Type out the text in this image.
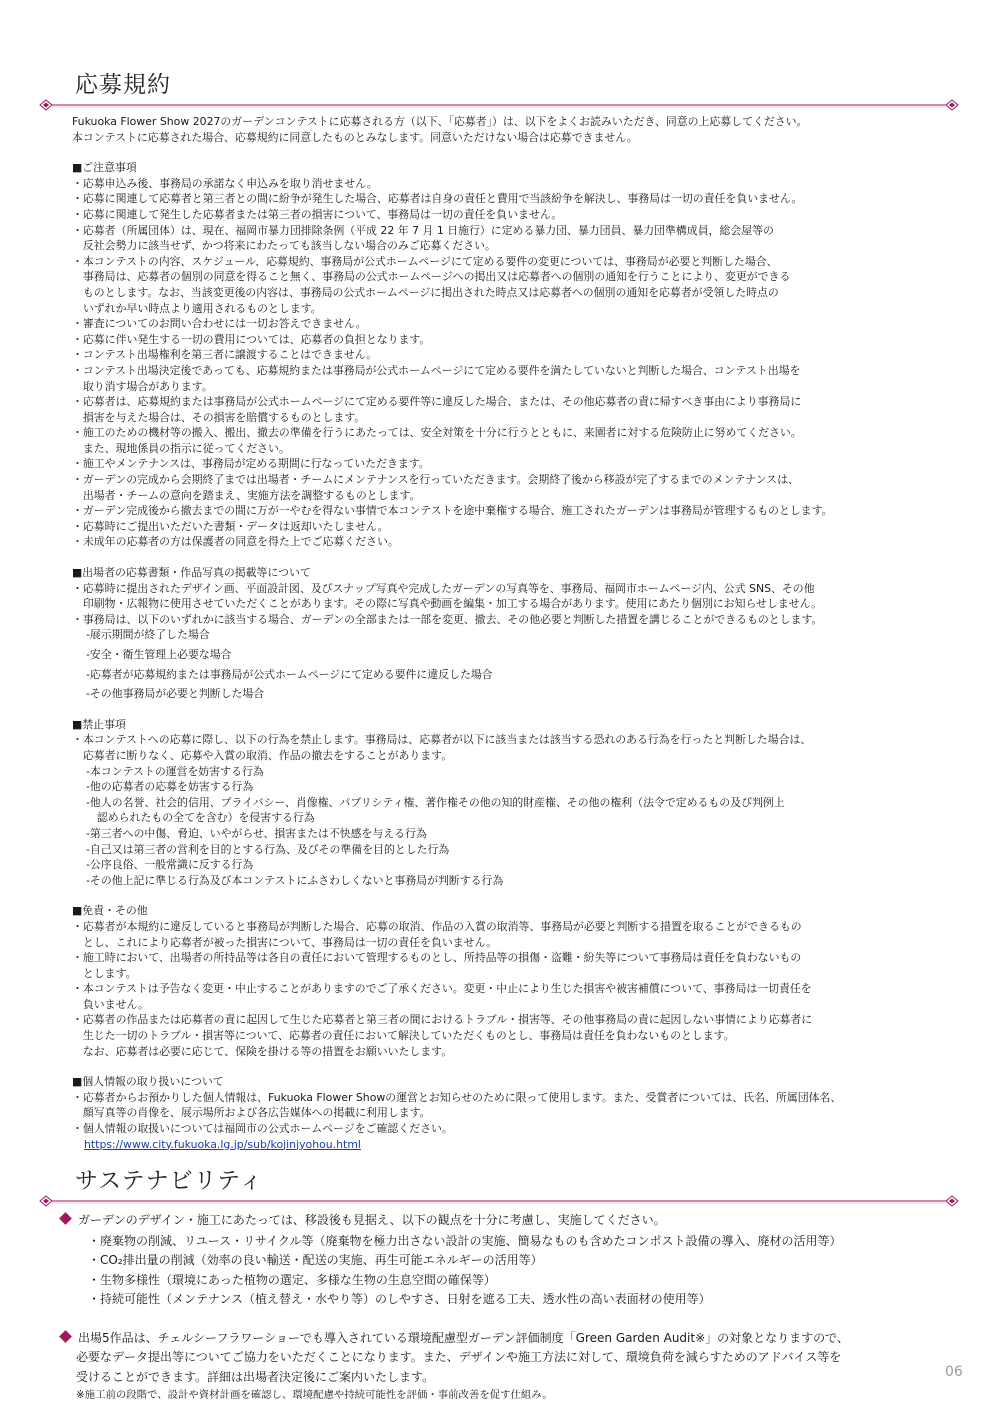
応募規約
Fukuoka Flower Show 2027のガーデンコンテストに応募される方（以下、「応募者」）は、以下をよくお読みいただき、同意の上応募してください。
本コンテストに応募された場合、応募規約に同意したものとみなします。同意いただけない場合は応募できません。
■ご注意事項
・応募申込み後、事務局の承諾なく申込みを取り消せません。
・応募に関連して応募者と第三者との間に紛争が発生した場合、応募者は自身の責任と費用で当該紛争を解決し、事務局は一切の責任を負いません。
・応募に関連して発生した応募者または第三者の損害について、事務局は一切の責任を負いません。
・応募者（所属団体）は、現在、福岡市暴力団排除条例（平成 22 年 7 月 1 日施行）に定める暴力団、暴力団員、暴力団準構成員，総会屋等の
　反社会勢力に該当せず、かつ将来にわたっても該当しない場合のみご応募ください。
・本コンテストの内容、スケジュール、応募規約、事務局が公式ホームページにて定める要件の変更については、事務局が必要と判断した場合、
　事務局は、応募者の個別の同意を得ること無く、事務局の公式ホームページへの掲出又は応募者への個別の通知を行うことにより、変更ができる
　ものとします。なお、当該変更後の内容は、事務局の公式ホームページに掲出された時点又は応募者への個別の通知を応募者が受領した時点の
　いずれか早い時点より適用されるものとします。
・審査についてのお問い合わせには一切お答えできません。
・応募に伴い発生する一切の費用については、応募者の負担となります。
・コンテスト出場権利を第三者に譲渡することはできません。
・コンテスト出場決定後であっても、応募規約または事務局が公式ホームページにて定める要件を満たしていないと判断した場合、コンテスト出場を
　取り消す場合があります。
・応募者は、応募規約または事務局が公式ホームページにて定める要件等に違反した場合、または、その他応募者の責に帰すべき事由により事務局に
　損害を与えた場合は、その損害を賠償するものとします。
・施工のための機材等の搬入、搬出、撤去の準備を行うにあたっては、安全対策を十分に行うとともに、来園者に対する危険防止に努めてください。
　また、現地係員の指示に従ってください。
・施工やメンテナンスは、事務局が定める期間に行なっていただきます。
・ガーデンの完成から会期終了までは出場者・チームにメンテナンスを行っていただきます。会期終了後から移設が完了するまでのメンテナンスは、
　出場者・チームの意向を踏まえ、実施方法を調整するものとします。
・ガーデン完成後から撤去までの間に万が一やむを得ない事情で本コンテストを途中棄権する場合、施工されたガーデンは事務局が管理するものとします。
・応募時にご提出いただいた書類・データは返却いたしません。
・未成年の応募者の方は保護者の同意を得た上でご応募ください。
■出場者の応募書類・作品写真の掲載等について
・応募時に提出されたデザイン画、平面設計図、及びスナップ写真や完成したガーデンの写真等を、事務局、福岡市ホームページ内、公式 SNS、その他
　印刷物・広報物に使用させていただくことがあります。その際に写真や動画を編集・加工する場合があります。使用にあたり個別にお知らせしません。
・事務局は、以下のいずれかに該当する場合、ガーデンの全部または一部を変更、撤去、その他必要と判断した措置を講じることができるものとします。
-展示期間が終了した場合
-安全・衛生管理上必要な場合
-応募者が応募規約または事務局が公式ホームページにて定める要件に違反した場合
-その他事務局が必要と判断した場合
■禁止事項
・本コンテストへの応募に際し、以下の行為を禁止します。事務局は、応募者が以下に該当または該当する恐れのある行為を行ったと判断した場合は、
　応募者に断りなく、応募や入賞の取消、作品の撤去をすることがあります。
-本コンテストの運営を妨害する行為
-他の応募者の応募を妨害する行為
-他人の名誉、社会的信用、プライバシー、肖像権、パブリシティ権、著作権その他の知的財産権、その他の権利（法令で定めるもの及び判例上
　認められたもの全てを含む）を侵害する行為
-第三者への中傷、脅迫、いやがらせ、損害または不快感を与える行為
-自己又は第三者の営利を目的とする行為、及びその準備を目的とした行為
-公序良俗、一般常識に反する行為
-その他上記に準じる行為及び本コンテストにふさわしくないと事務局が判断する行為
■免責・その他
・応募者が本規約に違反していると事務局が判断した場合、応募の取消、作品の入賞の取消等、事務局が必要と判断する措置を取ることができるもの
　とし、これにより応募者が被った損害について、事務局は一切の責任を負いません。
・施工時において、出場者の所持品等は各自の責任において管理するものとし、所持品等の損傷・盗難・紛失等について事務局は責任を負わないもの
　とします。
・本コンテストは予告なく変更・中止することがありますのでご了承ください。変更・中止により生じた損害や被害補償について、事務局は一切責任を
　負いません。
・応募者の作品または応募者の責に起因して生じた応募者と第三者の間におけるトラブル・損害等、その他事務局の責に起因しない事情により応募者に
　生じた一切のトラブル・損害等について、応募者の責任において解決していただくものとし、事務局は責任を負わないものとします。
　なお、応募者は必要に応じて、保険を掛ける等の措置をお願いいたします。
■個人情報の取り扱いについて
・応募者からお預かりした個人情報は、Fukuoka Flower Showの運営とお知らせのために限って使用します。また、受賞者については、氏名、所属団体名、
　顔写真等の肖像を、展示場所および各広告媒体への掲載に利用します。
・個人情報の取扱いについては福岡市の公式ホームページをご確認ください。
https://www.city.fukuoka.lg.jp/sub/kojinjyohou.html
サステナビリティ
ガーデンのデザイン・施工にあたっては、移設後も見据え、以下の観点を十分に考慮し、実施してください。
・廃棄物の削減、リユース・リサイクル等（廃棄物を極力出さない設計の実施、簡易なものも含めたコンポスト設備の導入、廃材の活用等）
・CO₂排出量の削減（効率の良い輸送・配送の実施、再生可能エネルギーの活用等）
・生物多様性（環境にあった植物の選定、多様な生物の生息空間の確保等）
・持続可能性（メンテナンス（植え替え・水やり等）のしやすさ、日射を遮る工夫、透水性の高い表面材の使用等）
出場5作品は、チェルシーフラワーショーでも導入されている環境配慮型ガーデン評価制度「Green Garden Audit※」の対象となりますので、
必要なデータ提出等についてご協力をいただくことになります。また、デザインや施工方法に対して、環境負荷を減らすためのアドバイス等を
受けることができます。詳細は出場者決定後にご案内いたします。
※施工前の段階で、設計や資材計画を確認し、環境配慮や持続可能性を評価・事前改善を促す仕組み。
06
